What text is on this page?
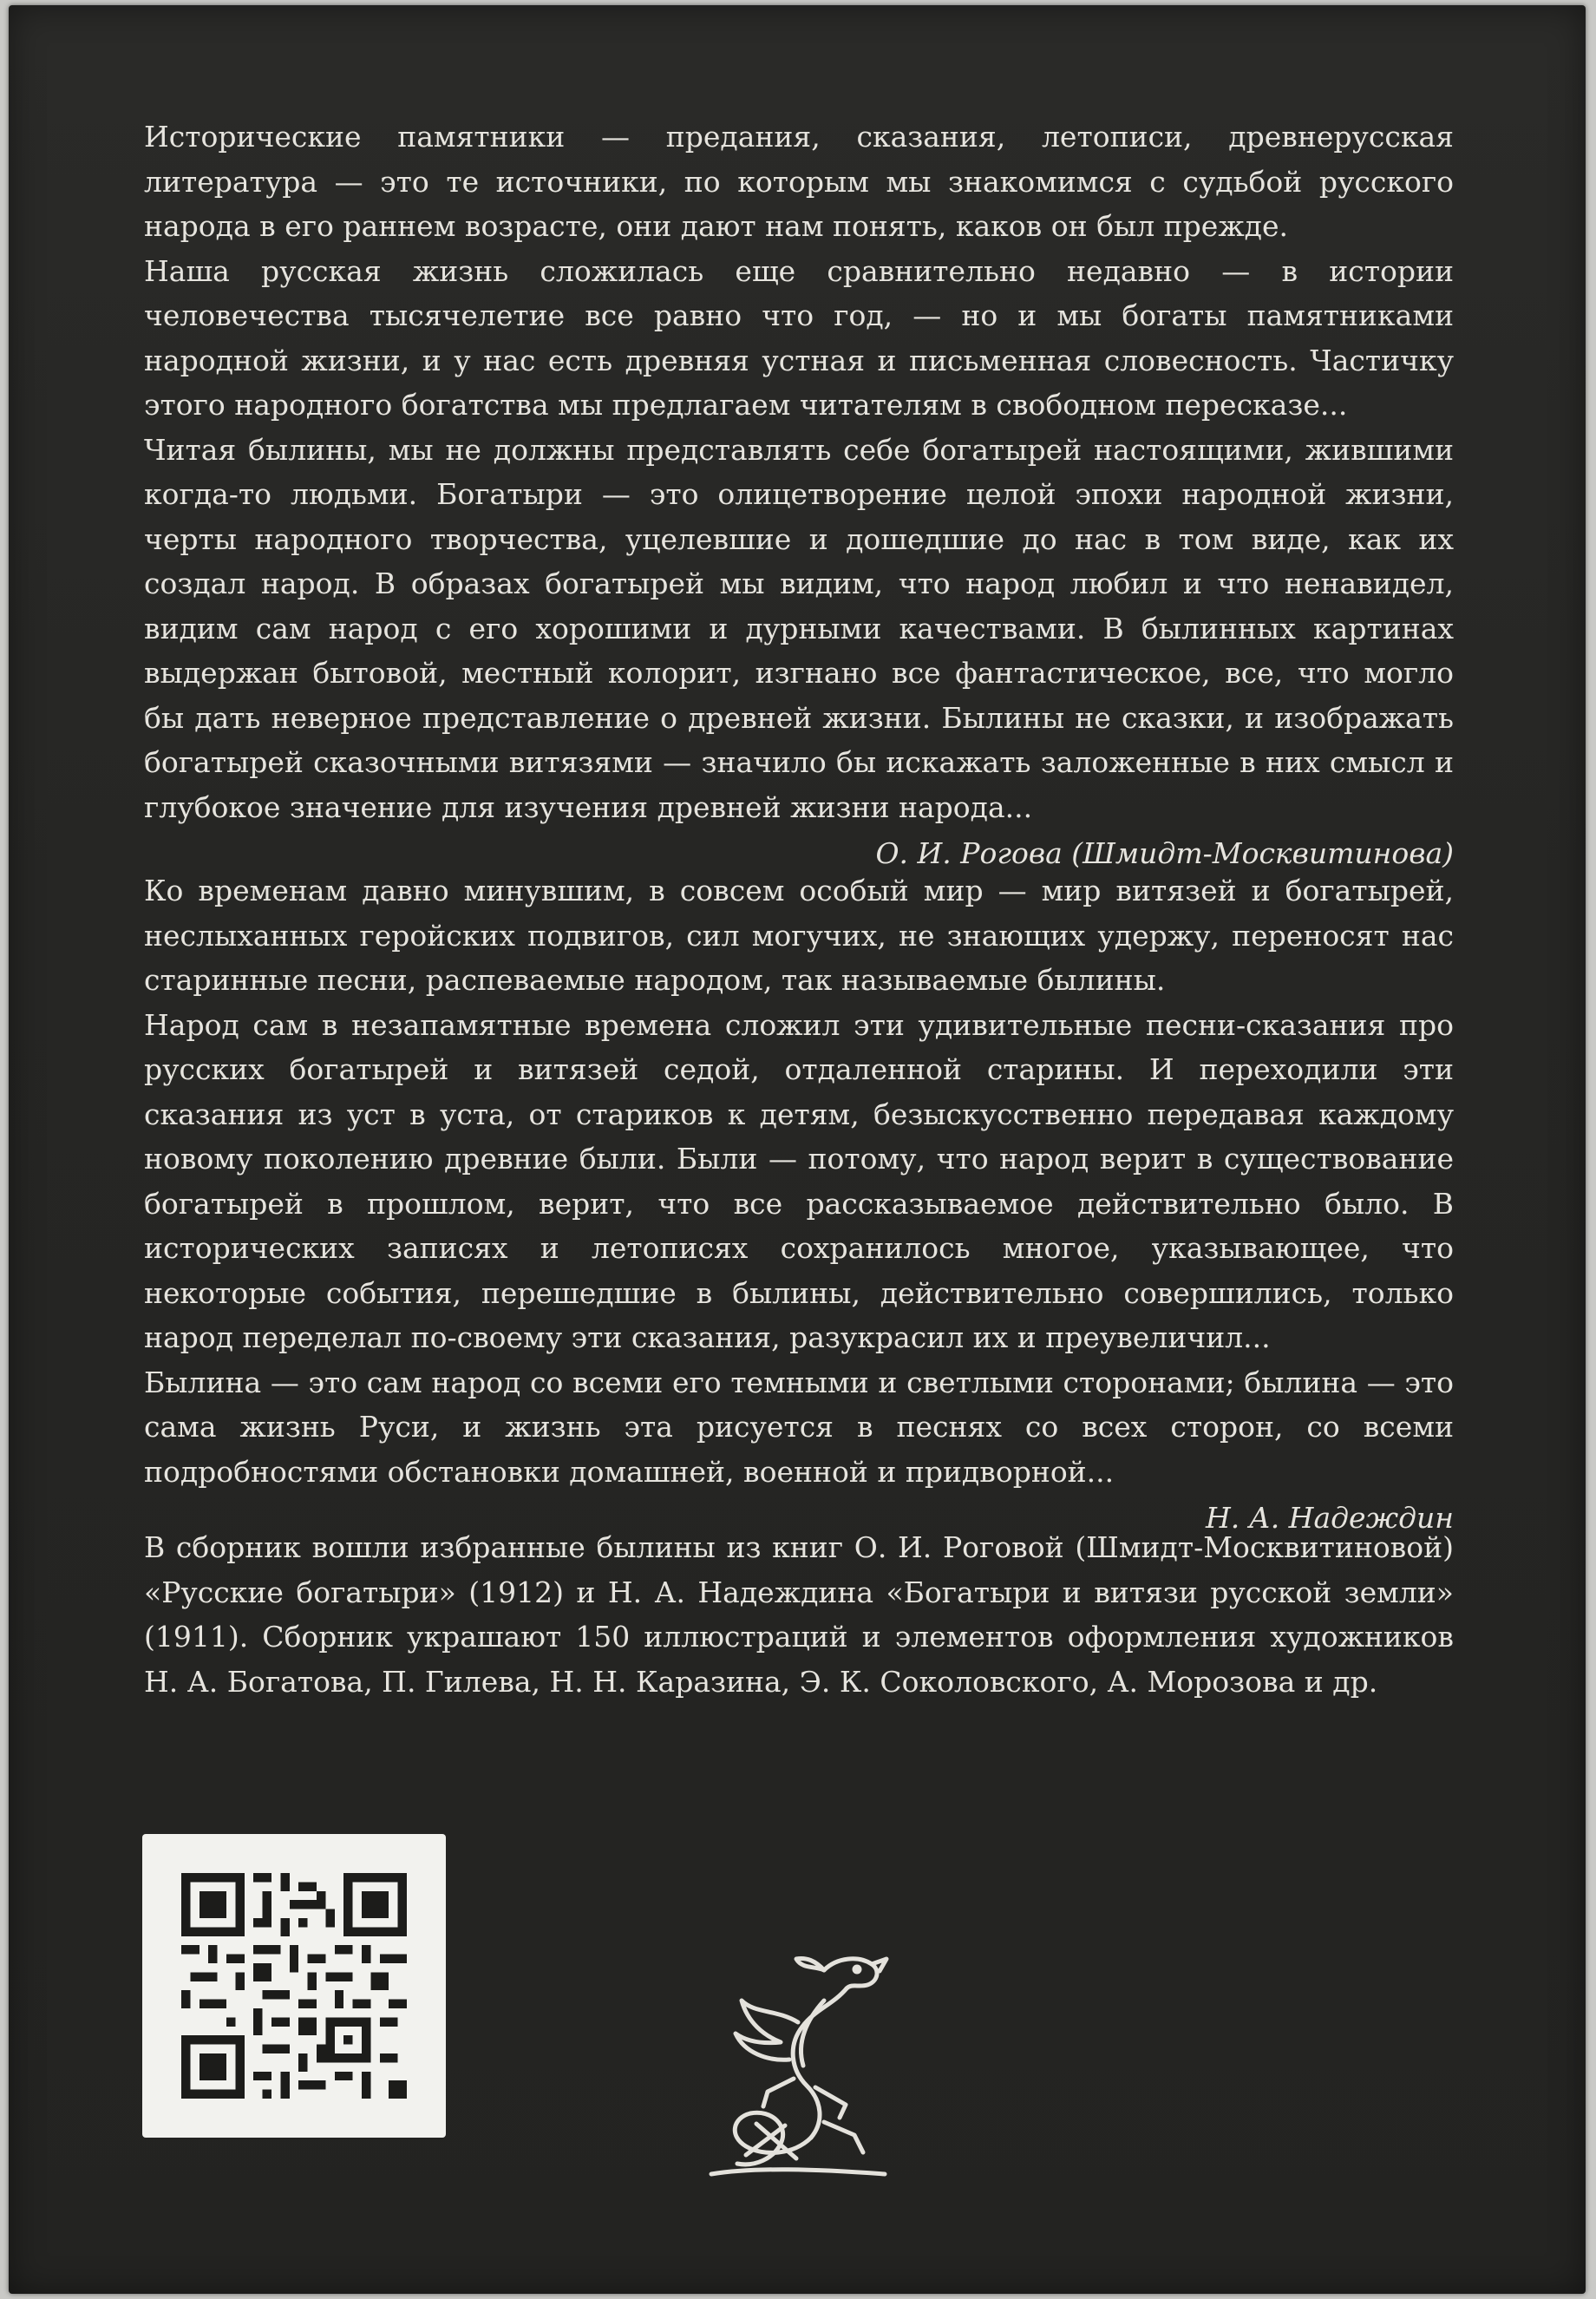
Исторические памятники — предания, сказания, летописи, древнерусская литература — это те источники, по которым мы знакомимся с судьбой русского народа в его раннем возрасте, они дают нам понять, каков он был прежде.

Наша русская жизнь сложилась еще сравнительно недавно — в истории человечества тысячелетие все равно что год, — но и мы богаты памятниками народной жизни, и у нас есть древняя устная и письменная словесность. Частичку этого народного богатства мы предлагаем читателям в свободном пересказе...

Читая былины, мы не должны представлять себе богатырей настоящими, жившими когда-то людьми. Богатыри — это олицетворение целой эпохи народной жизни, черты народного творчества, уцелевшие и дошедшие до нас в том виде, как их создал народ. В образах богатырей мы видим, что народ любил и что ненавидел, видим сам народ с его хорошими и дурными качествами. В былинных картинах выдержан бытовой, местный колорит, изгнано все фантастическое, все, что могло бы дать неверное представление о древней жизни. Былины не сказки, и изображать богатырей сказочными витязями — значило бы искажать заложенные в них смысл и глубокое значение для изучения древней жизни народа...

О. И. Рогова (Шмидт-Москвитинова)

Ко временам давно минувшим, в совсем особый мир — мир витязей и богатырей, неслыханных геройских подвигов, сил могучих, не знающих удержу, переносят нас старинные песни, распеваемые народом, так называемые былины.

Народ сам в незапамятные времена сложил эти удивительные песни-сказания про русских богатырей и витязей седой, отдаленной старины. И переходили эти сказания из уст в уста, от стариков к детям, безыскусственно передавая каждому новому поколению древние были. Были — потому, что народ верит в существование богатырей в прошлом, верит, что все рассказываемое действительно было. В исторических записях и летописях сохранилось многое, указывающее, что некоторые события, перешедшие в былины, действительно совершились, только народ переделал по-своему эти сказания, разукрасил их и преувеличил...

Былина — это сам народ со всеми его темными и светлыми сторонами; былина — это сама жизнь Руси, и жизнь эта рисуется в песнях со всех сторон, со всеми подробностями обстановки домашней, военной и придворной...

Н. А. Надеждин

В сборник вошли избранные былины из книг О. И. Роговой (Шмидт-Москвитиновой) «Русские богатыри» (1912) и Н. А. Надеждина «Богатыри и витязи русской земли» (1911). Сборник украшают 150 иллюстраций и элементов оформления художников Н. А. Богатова, П. Гилева, Н. Н. Каразина, Э. К. Соколовского, А. Морозова и др.
